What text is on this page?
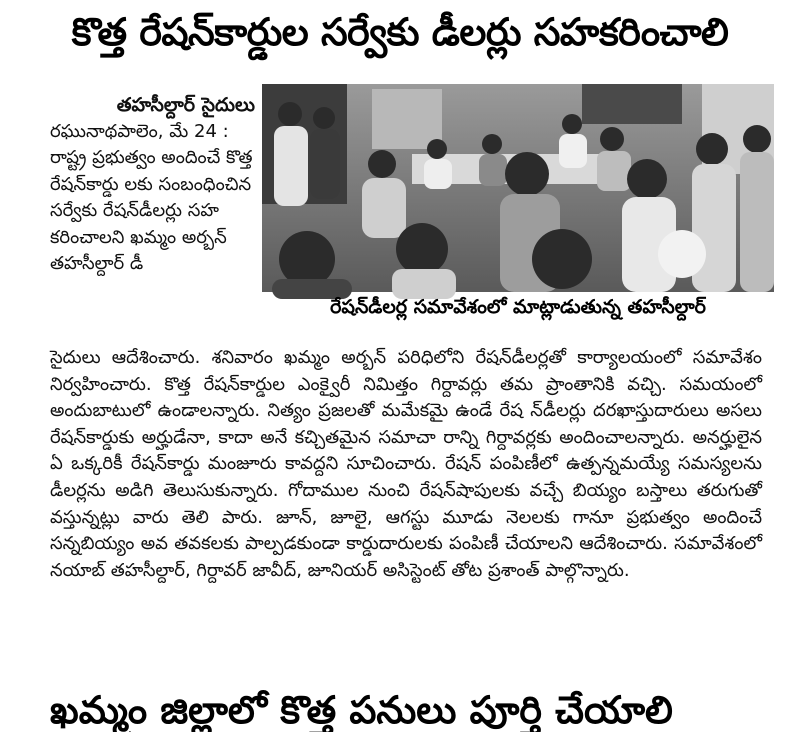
కొత్త రేషన్‌కార్డుల సర్వేకు డీలర్లు సహకరించాలి
తహసీల్దార్‌ సైదులు
రఘునాథపాలెం, మే 24 : రాష్ట్ర ప్రభుత్వం అందించే కొత్త రేషన్‌కార్డు లకు సంబంధించిన సర్వేకు రేషన్‌డీలర్లు సహ కరించాలని ఖమ్మం అర్బన్‌ తహసీల్దార్‌ డీ
రేషన్‌డీలర్ల సమావేశంలో మాట్లాడుతున్న తహసీల్దార్‌
సైదులు ఆదేశించారు. శనివారం ఖమ్మం అర్బన్‌ పరిధిలోని రేషన్‌డీలర్లతో కార్యాలయంలో సమావేశం నిర్వహించారు. కొత్త రేషన్‌కార్డుల ఎంక్వైరీ నిమిత్తం గిర్దావర్లు తమ ప్రాంతానికి వచ్చి. సమయంలో అందుబాటులో ఉండాలన్నారు. నిత్యం ప్రజలతో మమేకమై ఉండే రేష న్‌డీలర్లు దరఖాస్తుదారులు అసలు రేషన్‌కార్డుకు అర్హుడేనా, కాదా అనే కచ్చితమైన సమాచా రాన్ని గిర్దావర్లకు అందించాలన్నారు. అనర్హులైన ఏ ఒక్కరికీ రేషన్‌కార్డు మంజూరు కావద్దని సూచించారు. రేషన్‌ పంపిణీలో ఉత్పన్నమయ్యే సమస్యలను డీలర్లను అడిగి తెలుసుకున్నారు. గోదాముల నుంచి రేషన్‌షాపులకు వచ్చే బియ్యం బస్తాలు తరుగుతో వస్తున్నట్లు వారు తెలి పారు. జూన్‌, జూలై, ఆగస్టు మూడు నెలలకు గానూ ప్రభుత్వం అందించే సన్నబియ్యం అవ తవకలకు పాల్పడకుండా కార్డుదారులకు పంపిణీ చేయాలని ఆదేశించారు. సమావేశంలో నయాబ్‌ తహసీల్దార్‌, గిర్దావర్‌ జావీద్‌, జూనియర్‌ అసిస్టెంట్‌ తోట ప్రశాంత్‌ పాల్గొన్నారు.
ఖమ్మం జిల్లాలో కొత్త పనులు పూర్తి చేయాలి
